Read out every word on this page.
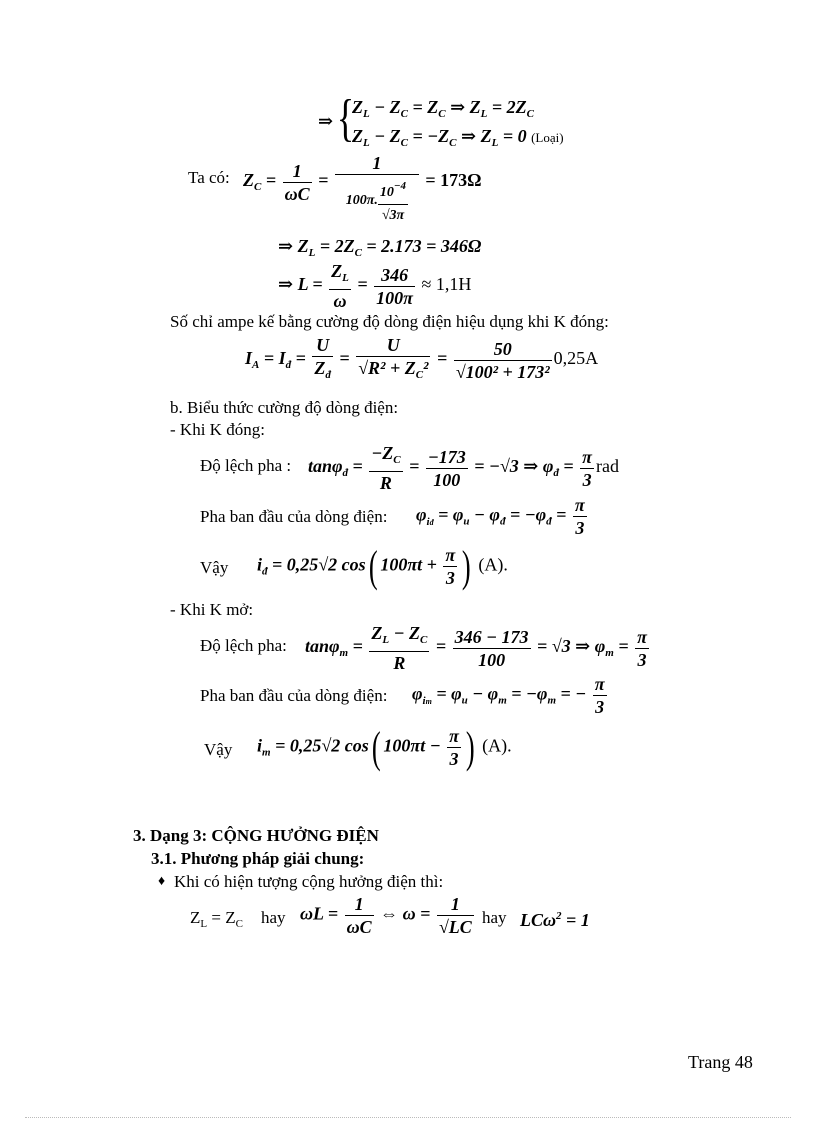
⇒ {
$Z_L - Z_C = Z_C$ ⇒ $Z_L = 2Z_C$
$Z_L - Z_C = -Z_C$ ⇒ $Z_L = 0$ (Loại)
Ta có: $Z_C = \frac{1}{\omega C} = \frac{1}{100\pi. \frac{10^{-4}}{√3\pi}} = 173\Omega$
⇒ $Z_L = 2Z_C = 2.173 = 346\Omega$
⇒ $L = \frac{Z_L}{\omega} = \frac{346}{100\pi} \approx 1,1H$
Số chỉ ampe kế bằng cường độ dòng điện hiệu dụng khi K đóng:
$I_A = I_đ = \frac{U}{Z_đ} = \frac{U}{√R^2 + Z_C^2} = \frac{50}{\text{√100² + 173²}} 0,25A$
b. Biểu thức cường độ dòng điện:
- Khi K đóng:
Độ lệch pha : $\tan\varphi_đ = \frac{-Z_C}{R} = \frac{-173}{100} = -√3$ ⇒ $\varphi_đ = \frac{\pi}{3}$ rad
Pha ban đầu của dòng điện: $\varphi_{iđ} = \varphi_u - \varphi_đ = -\varphi_đ = \frac{\pi}{3}$
Vậy $i_đ = 0,25√2$ cos( $100\pi t + \frac{\pi}{3}$ ) (A).
- Khi K mở:
Độ lệch pha: $\tan\varphi_m = \frac{Z_L - Z_C}{R} = \frac{346 - 173}{100} = √3$ ⇒ $\varphi_m = \frac{\pi}{3}$
Pha ban đầu của dòng điện: $\varphi_{im} = \varphi_u - \varphi_m = -\varphi_m$ = − $\frac{\pi}{3}$
Vậy $i_m = 0,25√2$ cos( $100\pi t - \frac{\pi}{3}$ ) (A).
3. Dạng 3: CỘNG HƯỞNG ĐIỆN
3.1. Phương pháp giải chung:
♦ Khi có hiện tượng cộng hưởng điện thì:
$Z_L = Z_C$ hay $\omega L = \frac{1}{\omega C}$ ⇔ $\omega = \frac{1}{√LC}$ hay LCω$^2$ = 1
Trang 48
